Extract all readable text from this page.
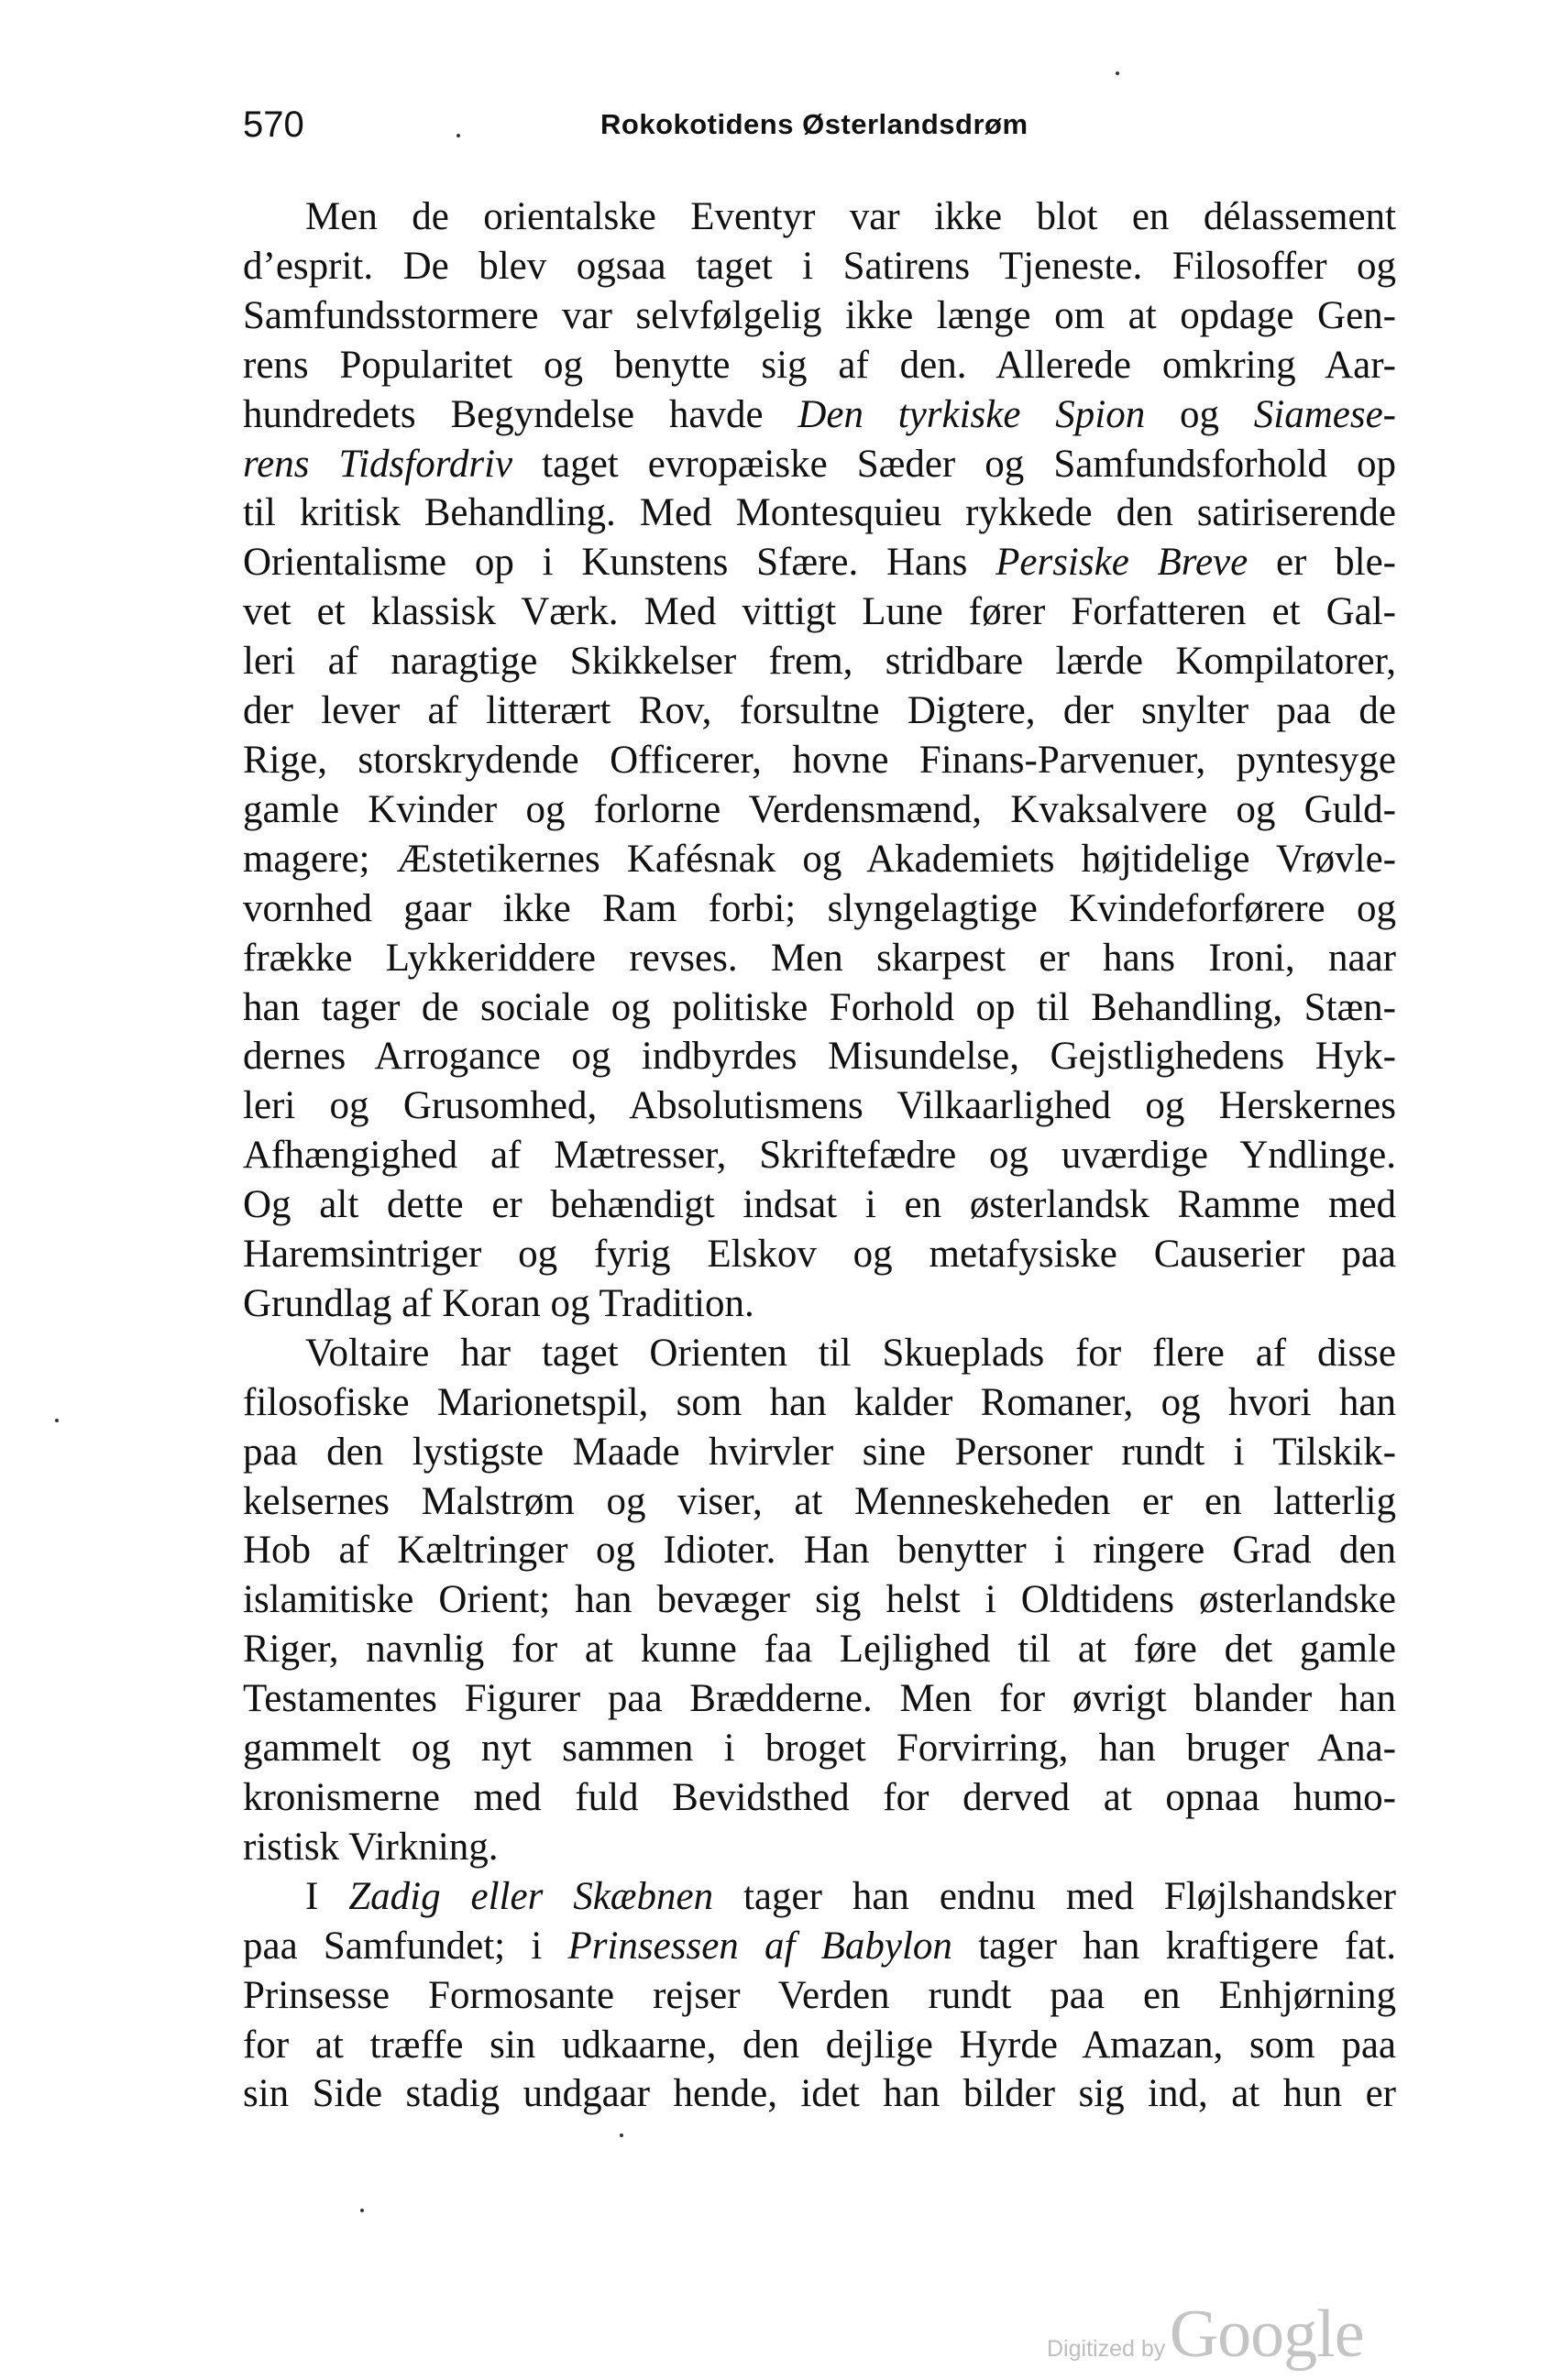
570	Rokokotidens Østerlandsdrøm

Men de orientalske Eventyr var ikke blot en délassement
d’esprit. De blev ogsaa taget i Satirens Tjeneste. Filosoffer og
Samfundsstormere var selvfølgelig ikke længe om at opdage Gen-
rens Popularitet og benytte sig af den. Allerede omkring Aar-
hundredets Begyndelse havde Den tyrkiske Spion og Siamese-
rens Tidsfordriv taget evropæiske Sæder og Samfundsforhold op
til kritisk Behandling. Med Montesquieu rykkede den satiriserende
Orientalisme op i Kunstens Sfære. Hans Persiske Breve er ble-
vet et klassisk Værk. Med vittigt Lune fører Forfatteren et Gal-
leri af naragtige Skikkelser frem, stridbare lærde Kompilatorer,
der lever af litterært Rov, forsultne Digtere, der snylter paa de
Rige, storskrydende Officerer, hovne Finans-Parvenuer, pyntesyge
gamle Kvinder og forlorne Verdensmænd, Kvaksalvere og Guld-
magere; Æstetikernes Kafésnak og Akademiets højtidelige Vrøvle-
vornhed gaar ikke Ram forbi; slyngelagtige Kvindeforførere og
frække Lykkeriddere revses. Men skarpest er hans Ironi, naar
han tager de sociale og politiske Forhold op til Behandling, Stæn-
dernes Arrogance og indbyrdes Misundelse, Gejstlighedens Hyk-
leri og Grusomhed, Absolutismens Vilkaarlighed og Herskernes
Afhængighed af Mætresser, Skriftefædre og uværdige Yndlinge.
Og alt dette er behændigt indsat i en østerlandsk Ramme med
Haremsintriger og fyrig Elskov og metafysiske Causerier paa
Grundlag af Koran og Tradition.

Voltaire har taget Orienten til Skueplads for flere af disse
filosofiske Marionetspil, som han kalder Romaner, og hvori han
paa den lystigste Maade hvirvler sine Personer rundt i Tilskik-
kelsernes Malstrøm og viser, at Menneskeheden er en latterlig
Hob af Kæltringer og Idioter. Han benytter i ringere Grad den
islamitiske Orient; han bevæger sig helst i Oldtidens østerlandske
Riger, navnlig for at kunne faa Lejlighed til at føre det gamle
Testamentes Figurer paa Brædderne. Men for øvrigt blander han
gammelt og nyt sammen i broget Forvirring, han bruger Ana-
kronismerne med fuld Bevidsthed for derved at opnaa humo-
ristisk Virkning.

I Zadig eller Skæbnen tager han endnu med Fløjlshandsker
paa Samfundet; i Prinsessen af Babylon tager han kraftigere fat.
Prinsesse Formosante rejser Verden rundt paa en Enhjørning
for at træffe sin udkaarne, den dejlige Hyrde Amazan, som paa
sin Side stadig undgaar hende, idet han bilder sig ind, at hun er

Digitized by Google
